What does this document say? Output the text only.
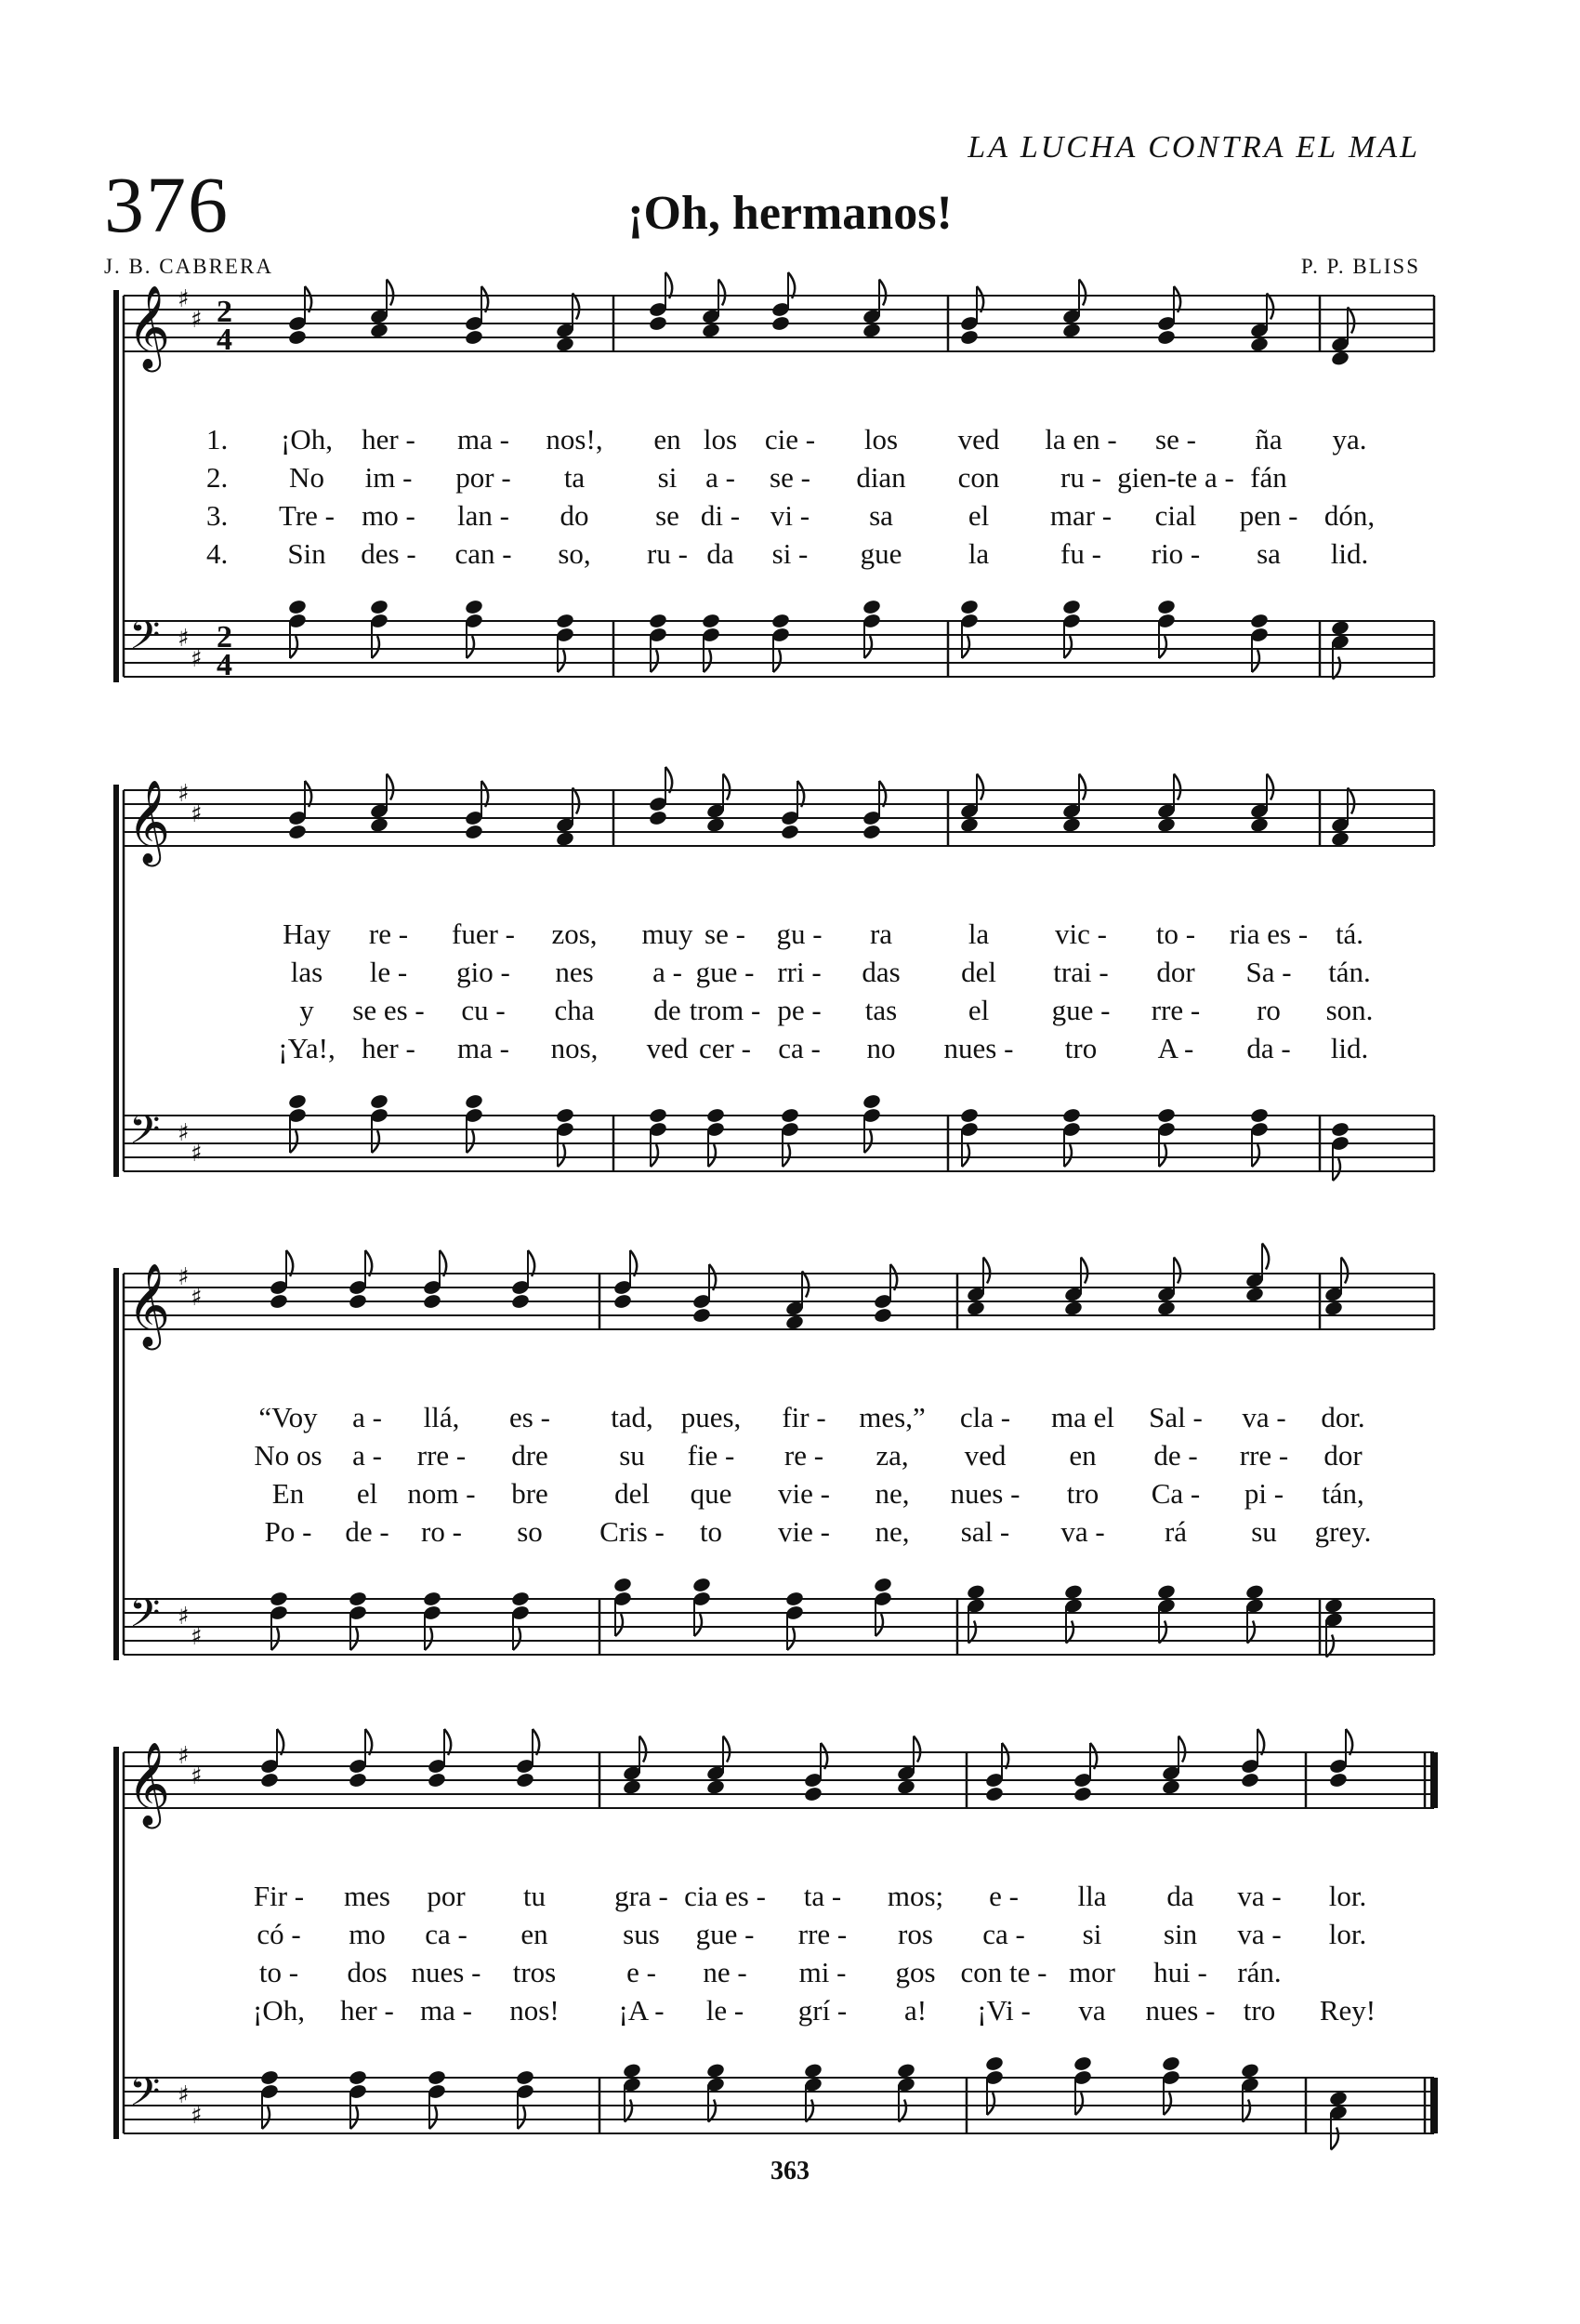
376
LA LUCHA CONTRA EL MAL
¡Oh, hermanos!
J. B. CABRERA	P. P. BLISS
𝄞
𝄢
♯
♯
♯
♯
2
4
2
4
1. ¡Oh, her - ma - nos!, en los cie - los ved la en - se - ña ya.
2. No im - por - ta	si a - se - dian con ru - gien-te a - fán
3. Tre - mo - lan - do se di - vi - sa	el mar - cial pen - dón,
4. Sin des - can - so, ru - da si - gue la fu - rio - sa lid.
𝄞
𝄢
♯
♯
♯
♯
Hay re - fuer - zos, muy se - gu - ra	la vic - to - ria es - tá.
las le - gio - nes a - gue - rri - das del trai - dor Sa - tán.
y se es - cu - cha de trom - pe - tas el gue - rre - ro son.
¡Ya!, her - ma - nos, ved cer - ca - no nues - tro A - da - lid.
𝄞
𝄢
♯
♯
♯
♯
“Voy a - llá, es - tad, pues, fir - mes,” cla - ma el Sal - va - dor.
No os a - rre - dre su fie - re - za, ved en de - rre - dor
En el nom - bre del que vie - ne, nues - tro Ca - pi - tán,
Po - de - ro - so Cris - to vie - ne, sal - va - rá su grey.
𝄞
𝄢
♯
♯
♯
♯
Fir - mes por tu gra - cia es - ta - mos; e - lla da va - lor.
có - mo ca - en	sus gue - rre - ros ca - si sin va - lor.
to - dos nues - tros e - ne - mi - gos con te - mor hui - rán.
¡Oh, her - ma - nos! ¡A - le - grí - a! ¡Vi - va nues - tro Rey!
363
